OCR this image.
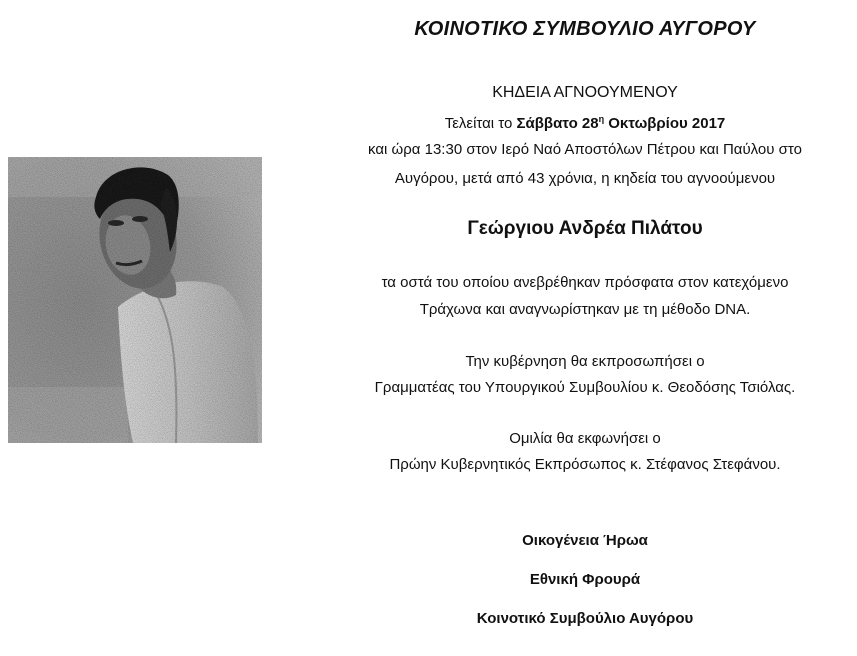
ΚΟΙΝΟΤΙΚΟ ΣΥΜΒΟΥΛΙΟ ΑΥΓΟΡΟΥ
ΚΗΔΕΙΑ ΑΓΝΟΟΥΜΕΝΟΥ
Τελείται το Σάββατο $28^\eta$ Οκτωβρίου 2017
και ώρα 13:30 στον Ιερό Ναό Αποστόλων Πέτρου και Παύλου στο
Αυγόρου, μετά από 43 χρόνια, η κηδεία του αγνοούμενου
Γεώργιου Ανδρέα Πιλάτου
τα οστά του οποίου ανεβρέθηκαν πρόσφατα στον κατεχόμενο
Τράχωνα και αναγνωρίστηκαν με τη μέθοδο DNA.
Την κυβέρνηση θα εκπροσωπήσει ο
Γραμματέας του Υπουργικού Συμβουλίου κ. Θεοδόσης Τσιόλας.
Ομιλία θα εκφωνήσει ο
Πρώην Κυβερνητικός Εκπρόσωπος κ. Στέφανος Στεφάνου.
Οικογένεια Ήρωα
Εθνική Φρουρά
Κοινοτικό Συμβούλιο Αυγόρου
